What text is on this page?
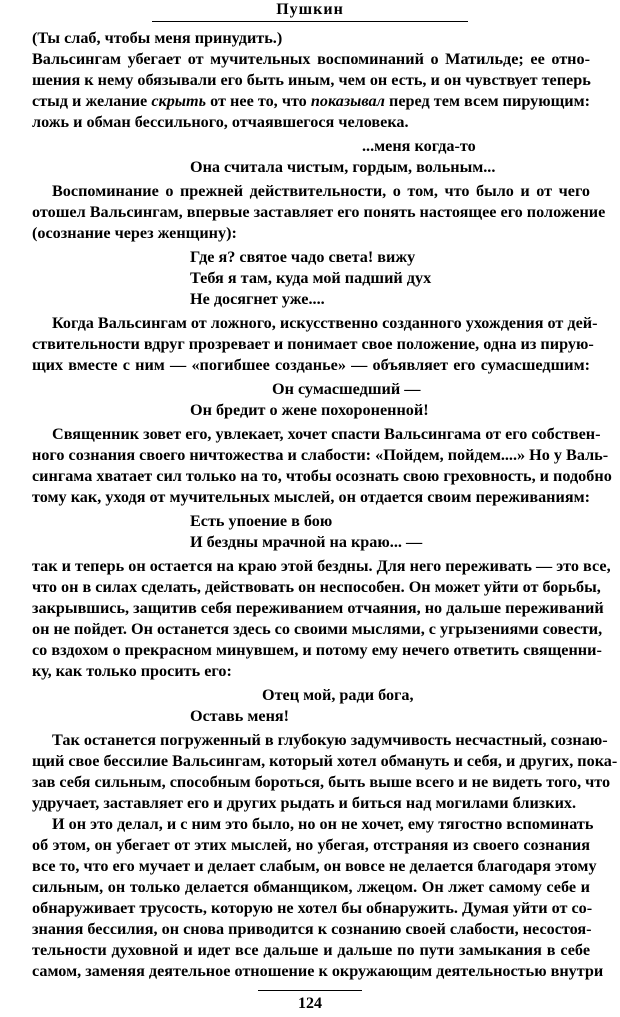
Пушкин
124
(Ты слаб, чтобы меня принудить.)
Вальсингам убегает от мучительных воспоминаний о Матильде; ее отно-
шения к нему обязывали его быть иным, чем он есть, и он чувствует теперь
стыд и желание скрыть от нее то, что показывал перед тем всем пирующим:
ложь и обман бессильного, отчаявшегося человека.
...меня когда-то
Она считала чистым, гордым, вольным...
Воспоминание о прежней действительности, о том, что было и от чего
отошел Вальсингам, впервые заставляет его понять настоящее его положение
(осознание через женщину):
Где я? святое чадо света! вижу
Тебя я там, куда мой падший дух
Не досягнет уже....
Когда Вальсингам от ложного, искусственно созданного ухождения от дей-
ствительности вдруг прозревает и понимает свое положение, одна из пирую-
щих вместе с ним — «погибшее созданье» — объявляет его сумасшедшим:
Он сумасшедший —
Он бредит о жене похороненной!
Священник зовет его, увлекает, хочет спасти Вальсингама от его собствен-
ного сознания своего ничтожества и слабости: «Пойдем, пойдем....» Но у Валь-
сингама хватает сил только на то, чтобы осознать свою греховность, и подобно
тому как, уходя от мучительных мыслей, он отдается своим переживаниям:
Есть упоение в бою
И бездны мрачной на краю... —
так и теперь он остается на краю этой бездны. Для него переживать — это все,
что он в силах сделать, действовать он неспособен. Он может уйти от борьбы,
закрывшись, защитив себя переживанием отчаяния, но дальше переживаний
он не пойдет. Он останется здесь со своими мыслями, с угрызениями совести,
со вздохом о прекрасном минувшем, и потому ему нечего ответить священни-
ку, как только просить его:
Отец мой, ради бога,
Оставь меня!
Так останется погруженный в глубокую задумчивость несчастный, сознаю-
щий свое бессилие Вальсингам, который хотел обмануть и себя, и других, пока-
зав себя сильным, способным бороться, быть выше всего и не видеть того, что
удручает, заставляет его и других рыдать и биться над могилами близких.
И он это делал, и с ним это было, но он не хочет, ему тягостно вспоминать
об этом, он убегает от этих мыслей, но убегая, отстраняя из своего сознания
все то, что его мучает и делает слабым, он вовсе не делается благодаря этому
сильным, он только делается обманщиком, лжецом. Он лжет самому себе и
обнаруживает трусость, которую не хотел бы обнаружить. Думая уйти от со-
знания бессилия, он снова приводится к сознанию своей слабости, несостоя-
тельности духовной и идет все дальше и дальше по пути замыкания в себе
самом, заменяя деятельное отношение к окружающим деятельностью внутри
